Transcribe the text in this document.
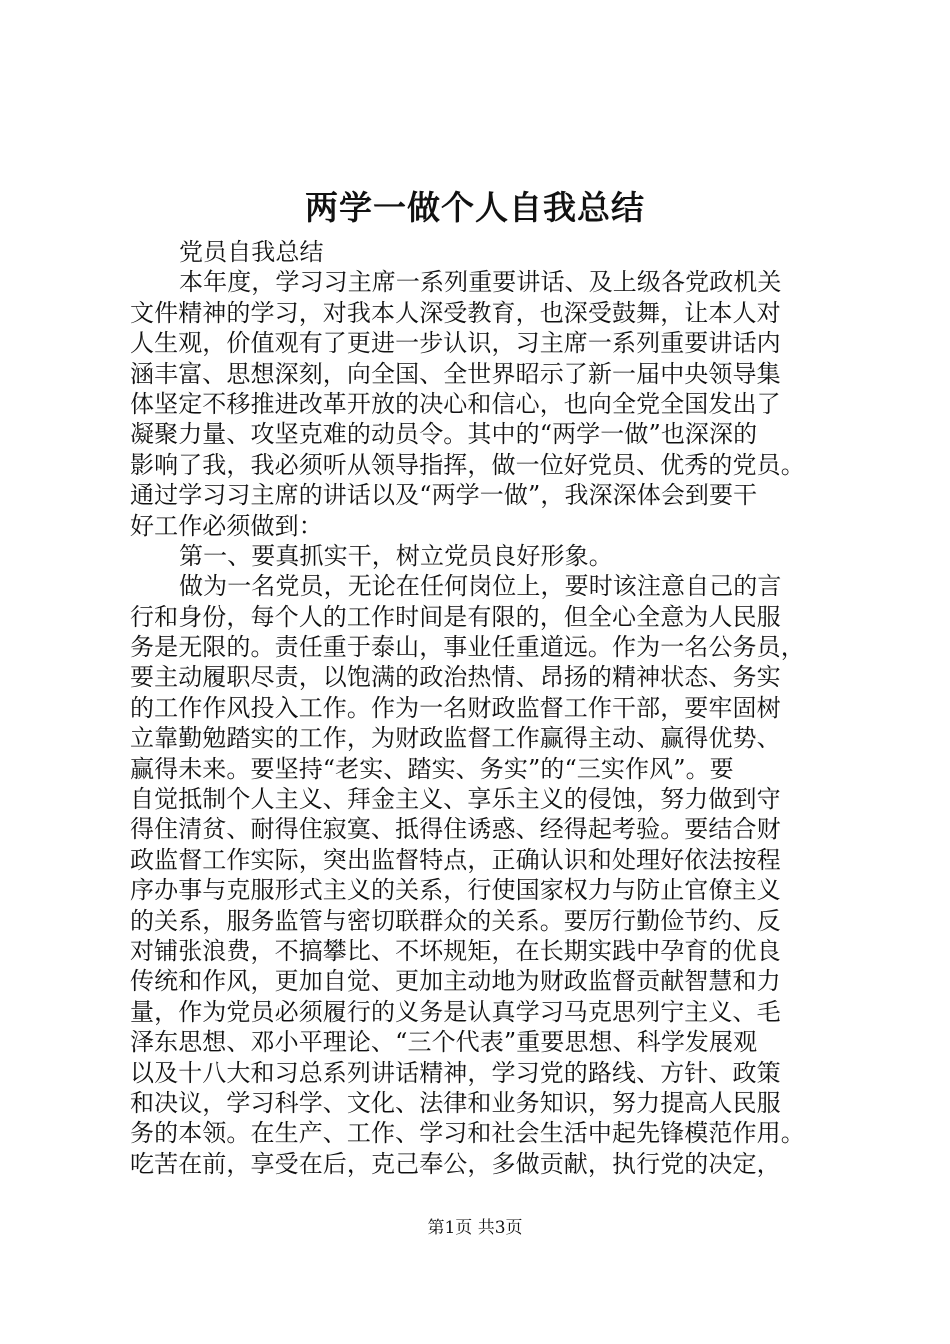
两学一做个人自我总结
党员自我总结
本年度，学习习主席一系列重要讲话、及上级各党政机关
文件精神的学习，对我本人深受教育，也深受鼓舞，让本人对
人生观，价值观有了更进一步认识，习主席一系列重要讲话内
涵丰富、思想深刻，向全国、全世界昭示了新一届中央领导集
体坚定不移推进改革开放的决心和信心，也向全党全国发出了
凝聚力量、攻坚克难的动员令。其中的“两学一做”也深深的
影响了我，我必须听从领导指挥，做一位好党员、优秀的党员。
通过学习习主席的讲话以及“两学一做”，我深深体会到要干
好工作必须做到：
第一、要真抓实干，树立党员良好形象。
做为一名党员，无论在任何岗位上，要时该注意自己的言
行和身份，每个人的工作时间是有限的，但全心全意为人民服
务是无限的。责任重于泰山，事业任重道远。作为一名公务员，
要主动履职尽责，以饱满的政治热情、昂扬的精神状态、务实
的工作作风投入工作。作为一名财政监督工作干部，要牢固树
立靠勤勉踏实的工作，为财政监督工作赢得主动、赢得优势、
赢得未来。要坚持“老实、踏实、务实”的“三实作风”。要
自觉抵制个人主义、拜金主义、享乐主义的侵蚀，努力做到守
得住清贫、耐得住寂寞、抵得住诱惑、经得起考验。要结合财
政监督工作实际，突出监督特点，正确认识和处理好依法按程
序办事与克服形式主义的关系，行使国家权力与防止官僚主义
的关系，服务监管与密切联群众的关系。要厉行勤俭节约、反
对铺张浪费，不搞攀比、不坏规矩，在长期实践中孕育的优良
传统和作风，更加自觉、更加主动地为财政监督贡献智慧和力
量，作为党员必须履行的义务是认真学习马克思列宁主义、毛
泽东思想、邓小平理论、“三个代表”重要思想、科学发展观
以及十八大和习总系列讲话精神，学习党的路线、方针、政策
和决议，学习科学、文化、法律和业务知识，努力提高人民服
务的本领。在生产、工作、学习和社会生活中起先锋模范作用。
吃苦在前，享受在后，克己奉公，多做贡献，执行党的决定，
第1页 共3页
